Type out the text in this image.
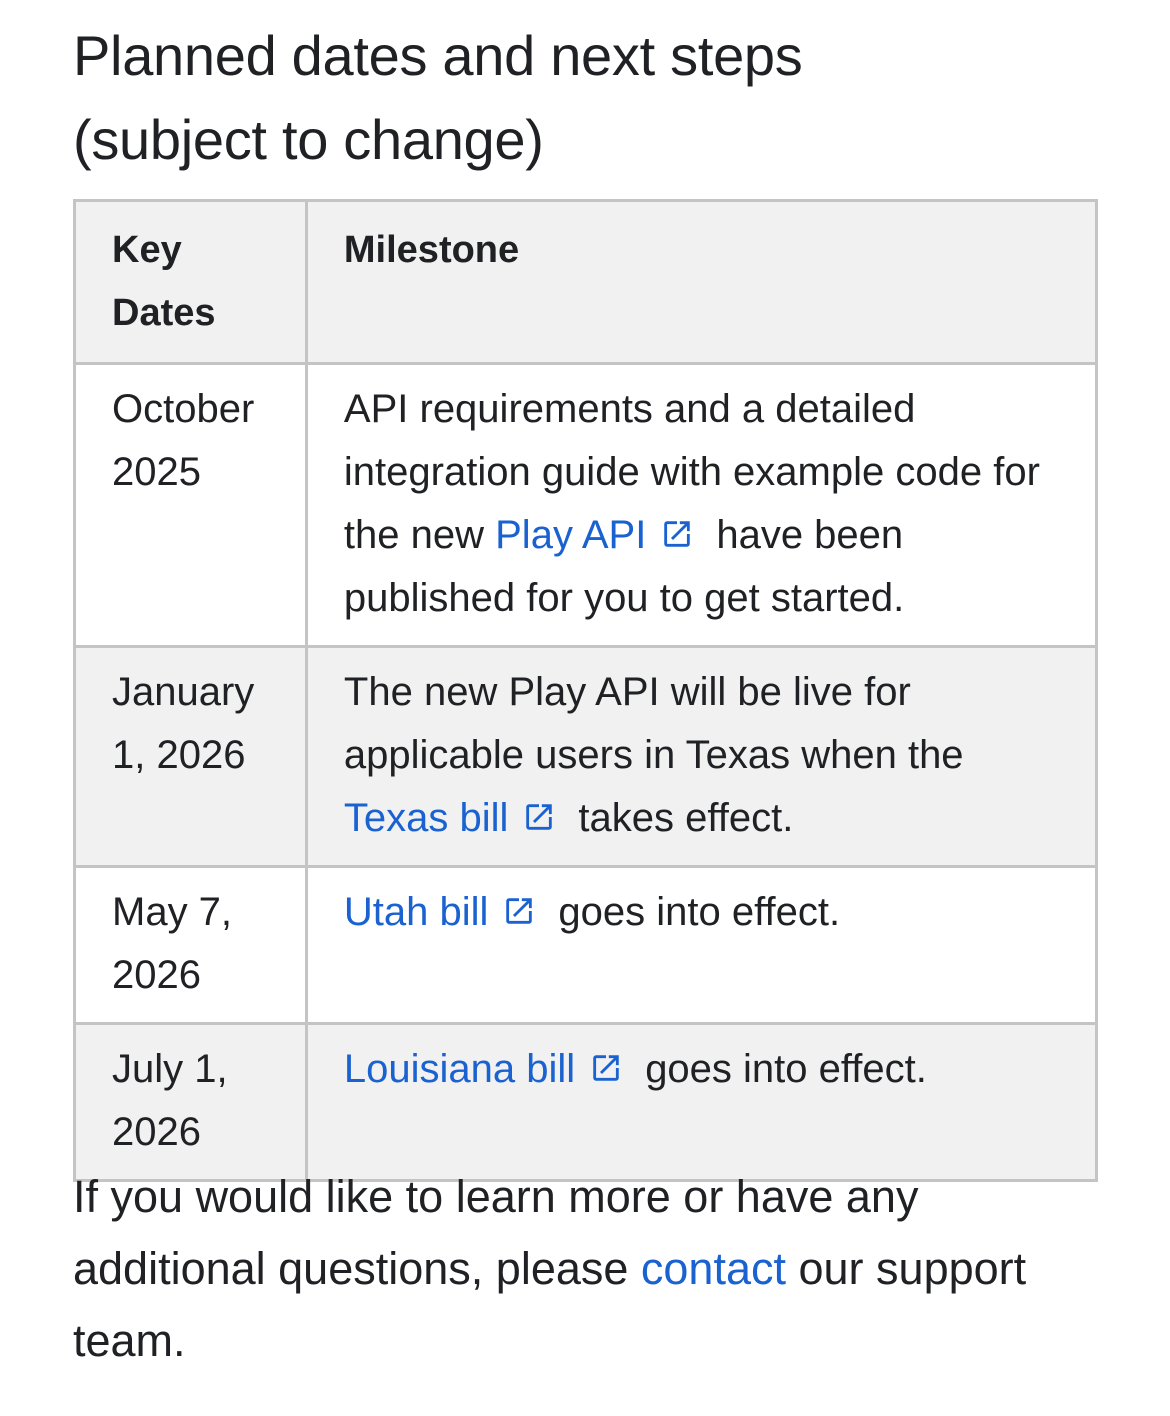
Planned dates and next steps
(subject to change)
Key
Dates	Milestone
October
2025	API requirements and a detailed integration guide with example code for the new Play API have been published for you to get started.
January
1, 2026	The new Play API will be live for applicable users in Texas when the Texas bill takes effect.
May 7,
2026	Utah bill goes into effect.
July 1,
2026	Louisiana bill goes into effect.

If you would like to learn more or have any additional questions, please contact our support team.
